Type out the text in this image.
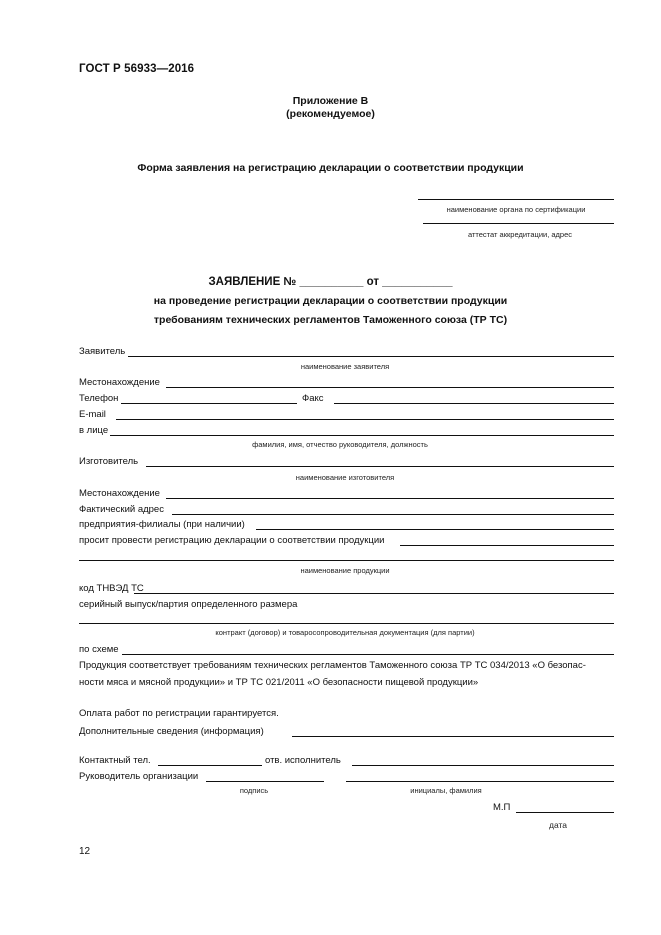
ГОСТ Р 56933—2016
Приложение В
(рекомендуемое)
Форма заявления на регистрацию декларации о соответствии продукции
наименование органа по сертификации
аттестат аккредитации, адрес
ЗАЯВЛЕНИЕ № __________ от ___________
на проведение регистрации декларации о соответствии продукции
требованиям технических регламентов Таможенного союза (ТР ТС)
Заявитель
наименование заявителя
Местонахождение
Телефон	Факс
E-mail
в лице
фамилия, имя, отчество руководителя, должность
Изготовитель
наименование изготовителя
Местонахождение
Фактический адрес
предприятия-филиалы (при наличии)
просит провести регистрацию декларации о соответствии продукции
наименование продукции
код ТНВЭД ТС
серийный выпуск/партия определенного размера
контракт (договор) и товаросопроводительная документация (для партии)
по схеме
Продукция соответствует требованиям технических регламентов Таможенного союза ТР ТС 034/2013 «О безопас-
ности мяса и мясной продукции» и ТР ТС 021/2011 «О безопасности пищевой продукции»
Оплата работ по регистрации гарантируется.
Дополнительные сведения (информация)
Контактный тел.	отв. исполнитель
Руководитель организации
подпись	инициалы, фамилия
М.П
дата
12
